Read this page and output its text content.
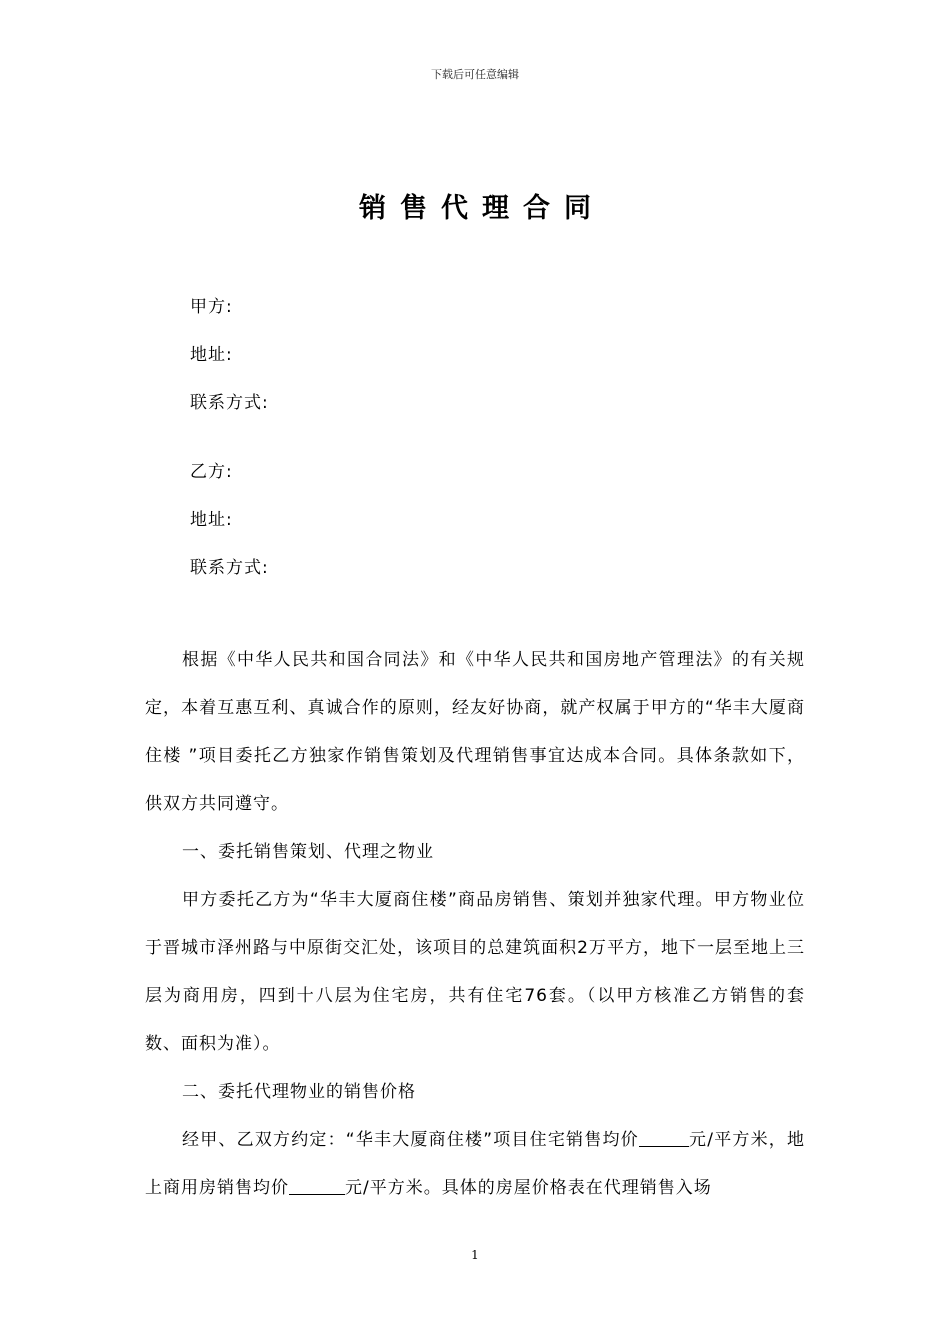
下载后可任意编辑
销售代理合同
甲方:
地址:
联系方式:
乙方:
地址:
联系方式:
根据《中华人民共和国合同法》和《中华人民共和国房地产管理法》的有关规定，本着互惠互利、真诚合作的原则，经友好协商，就产权属于甲方的“华丰大厦商住楼 ”项目委托乙方独家作销售策划及代理销售事宜达成本合同。具体条款如下，供双方共同遵守。
一、委托销售策划、代理之物业
甲方委托乙方为“华丰大厦商住楼”商品房销售、策划并独家代理。甲方物业位于晋城市泽州路与中原街交汇处，该项目的总建筑面积2万平方，地下一层至地上三层为商用房，四到十八层为住宅房，共有住宅76套。（以甲方核准乙方销售的套数、面积为准）。
二、委托代理物业的销售价格
经甲、乙双方约定：“华丰大厦商住楼”项目住宅销售均价	元/平方米，地上商用房销售均价	元/平方米。具体的房屋价格表在代理销售入场
1
